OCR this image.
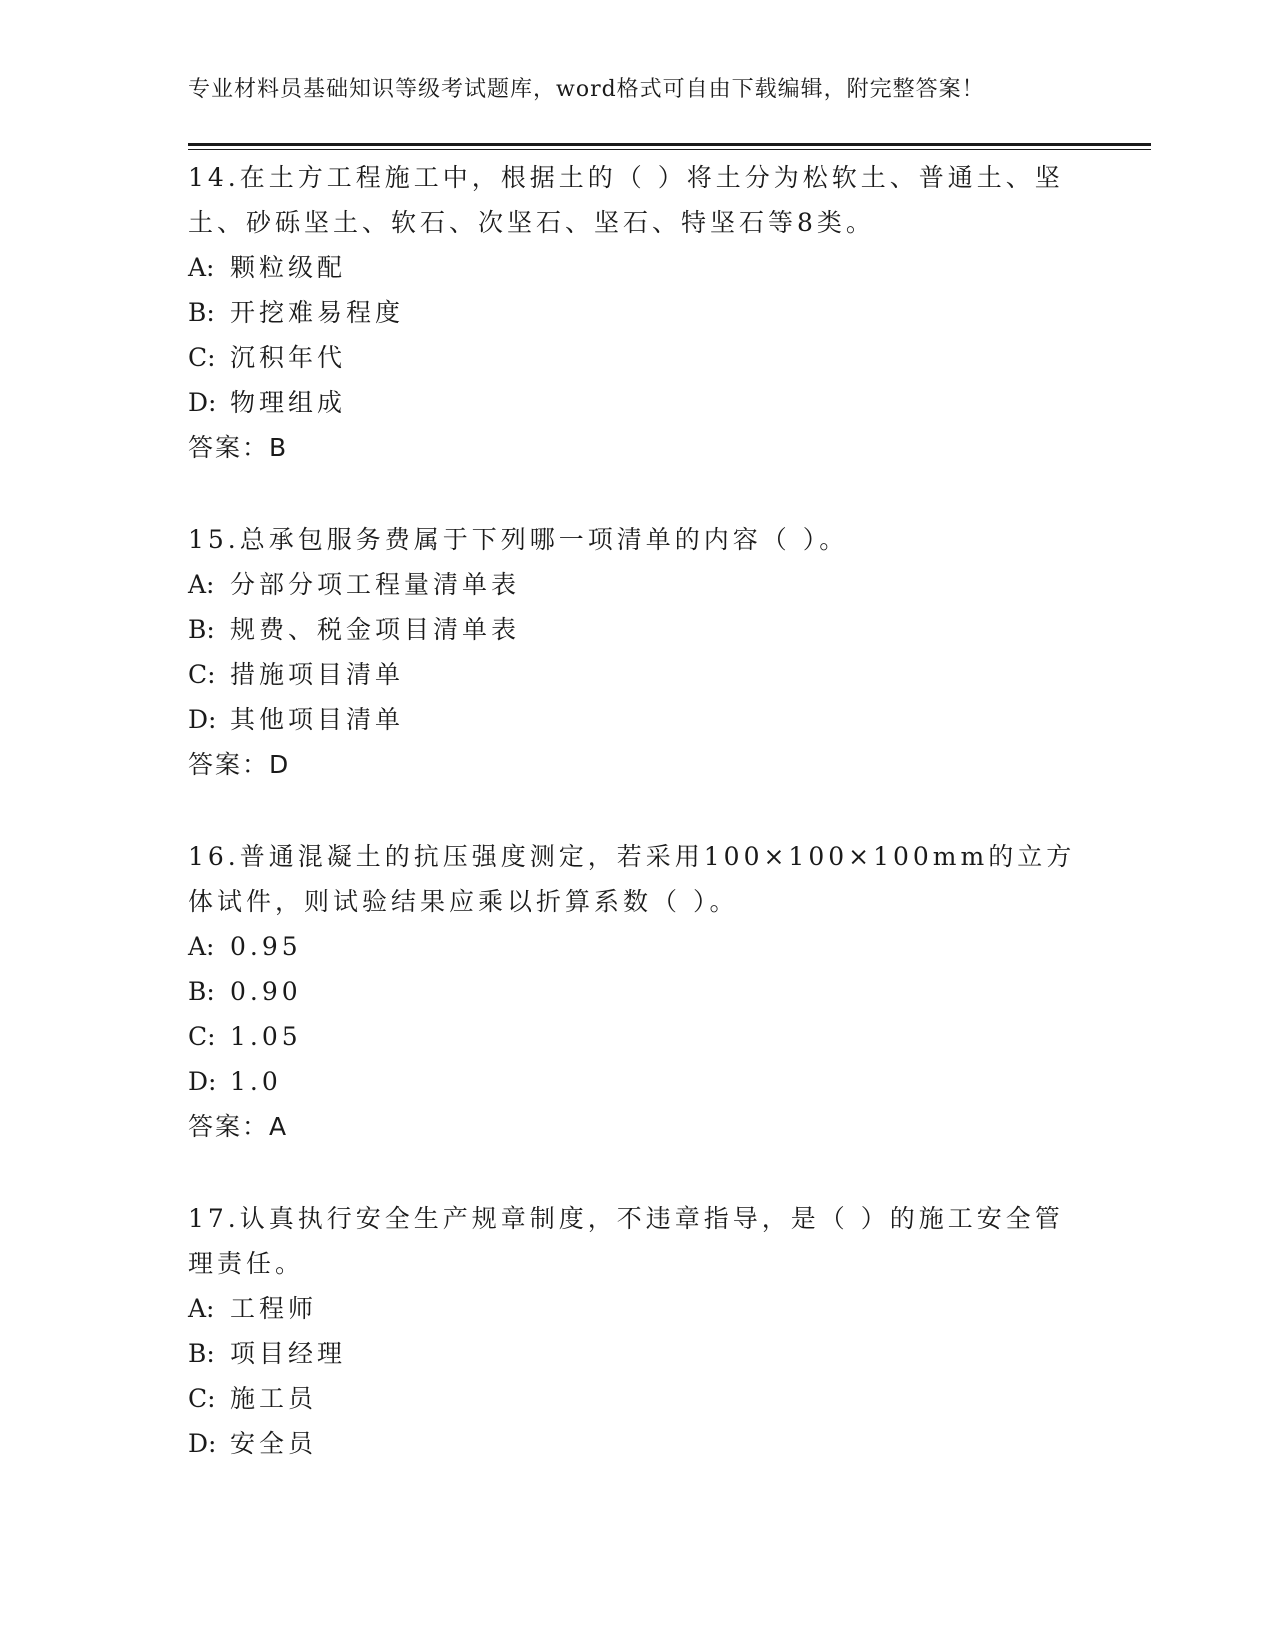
专业材料员基础知识等级考试题库，word格式可自由下载编辑，附完整答案！

14.在土方工程施工中，根据土的（ ）将土分为松软土、普通土、坚土、砂砾坚土、软石、次坚石、坚石、特坚石等8类。

A: 颗粒级配

B: 开挖难易程度

C: 沉积年代

D: 物理组成

答案：B

15.总承包服务费属于下列哪一项清单的内容（ ）。

A: 分部分项工程量清单表

B: 规费、税金项目清单表

C: 措施项目清单

D: 其他项目清单

答案：D

16.普通混凝土的抗压强度测定，若采用100×100×100mm的立方体试件，则试验结果应乘以折算系数（ ）。

A: 0.95

B: 0.90

C: 1.05

D: 1.0

答案：A

17.认真执行安全生产规章制度，不违章指导，是（ ）的施工安全管理责任。

A: 工程师

B: 项目经理

C: 施工员

D: 安全员
